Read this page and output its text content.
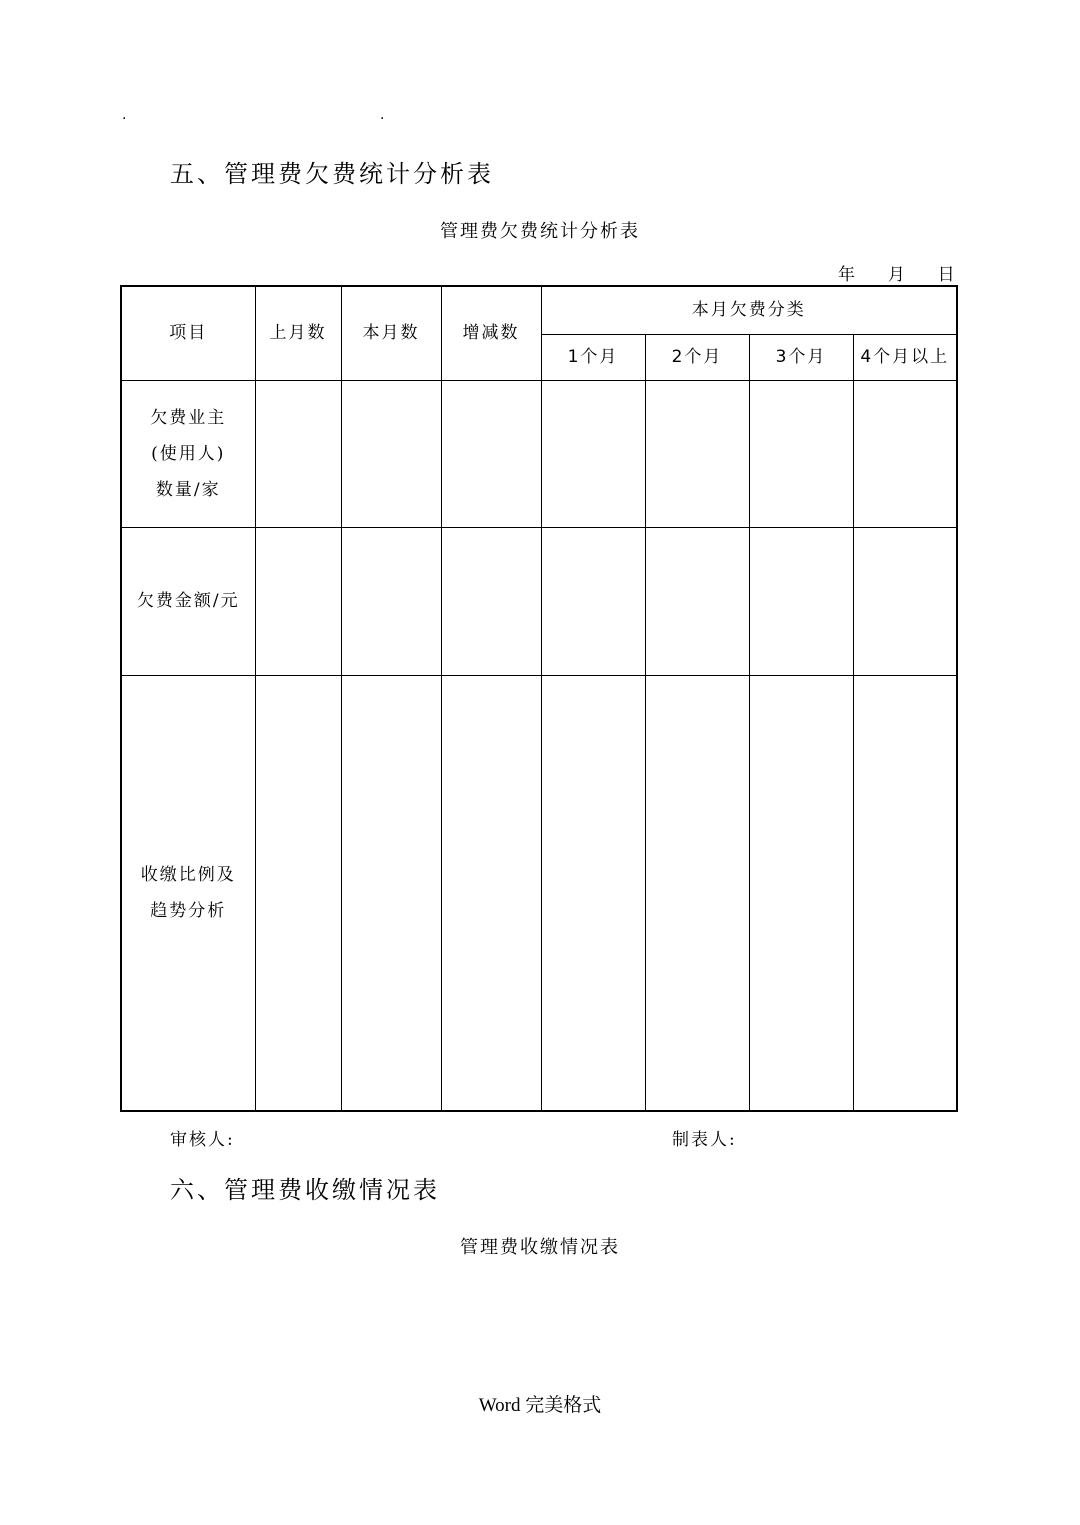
.	.
五、管理费欠费统计分析表
管理费欠费统计分析表
年 月 日
项目	上月数	本月数	增减数	本月欠费分类			
				1个月	2个月	3个月	4个月以上

欠费业主
(使用人)
数量/家							

欠费金额/元							

收缴比例及
趋势分析							

审核人:	制表人:
六、管理费收缴情况表
管理费收缴情况表
Word 完美格式
